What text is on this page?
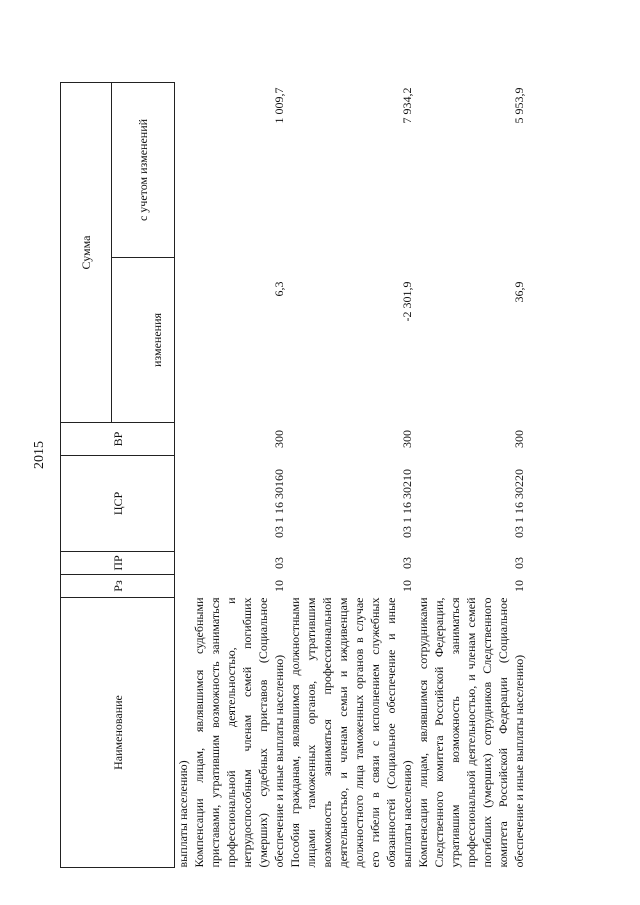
2015
Наименование	Рз	ПР	ЦСР	ВР	Сумма	
					изменения	с учетом изменений
выплаты населению)						
Компенсации лицам, являвшимся судебными приставами, утратившим возможность заниматься профессиональной деятельностью, и нетрудоспособным членам семей погибших (умерших) судебных приставов (Социальное обеспечение и иные выплаты населению)	10	03	03 1 16 30160	300	6,3	1 009,7
Пособия гражданам, являвшимся должностными лицами таможенных органов, утратившим возможность заниматься профессиональной деятельностью, и членам семьи и иждивенцам должностного лица таможенных органов в случае его гибели в связи с исполнением служебных обязанностей (Социальное обеспечение и иные выплаты населению)	10	03	03 1 16 30210	300	-2 301,9	7 934,2
Компенсации лицам, являвшимся сотрудниками Следственного комитета Российской Федерации, утратившим возможность заниматься профессиональной деятельностью, и членам семей погибших (умерших) сотрудников Следственного комитета Российской Федерации (Социальное обеспечение и иные выплаты населению)	10	03	03 1 16 30220	300	36,9	5 953,9
